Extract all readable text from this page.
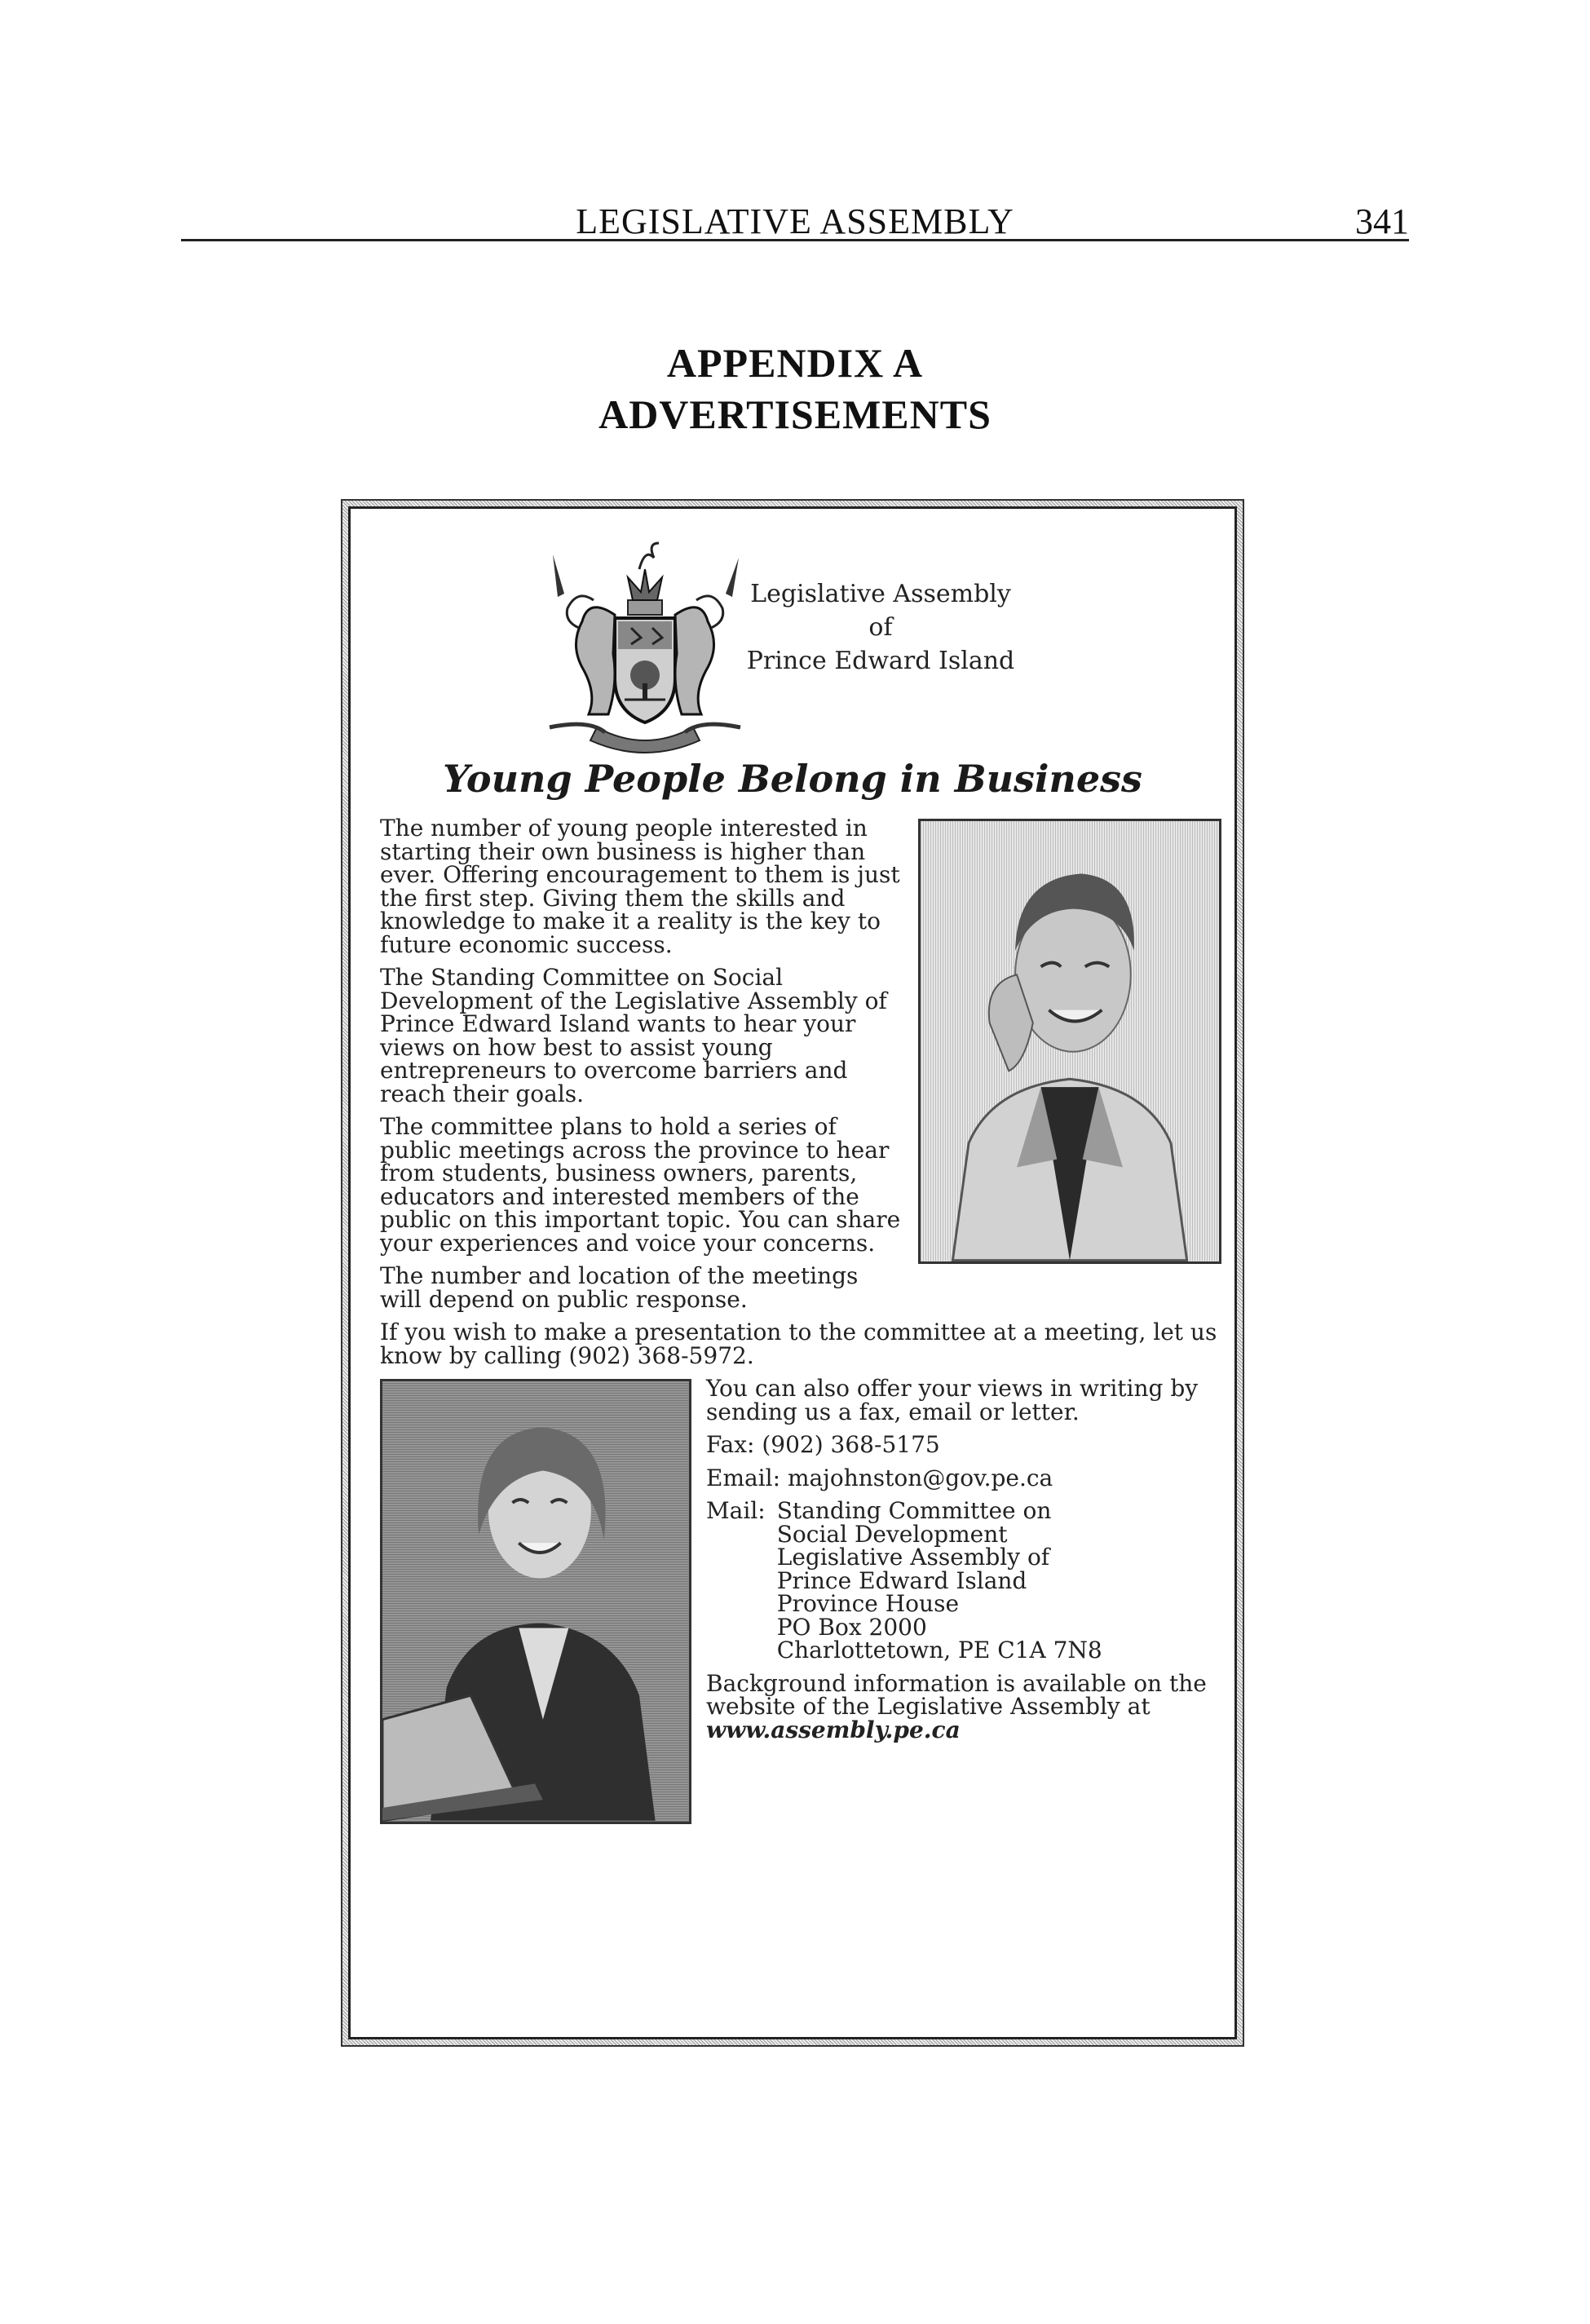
LEGISLATIVE ASSEMBLY	341
APPENDIX A
ADVERTISEMENTS
Legislative Assembly
of
Prince Edward Island
Young People Belong in Business

The number of young people interested in starting their own business is higher than ever. Offering encouragement to them is just the first step. Giving them the skills and knowledge to make it a reality is the key to future economic success.

The Standing Committee on Social Development of the Legislative Assembly of Prince Edward Island wants to hear your views on how best to assist young entrepreneurs to overcome barriers and reach their goals.

The committee plans to hold a series of public meetings across the province to hear from students, business owners, parents, educators and interested members of the public on this important topic. You can share your experiences and voice your concerns.

The number and location of the meetings will depend on public response.

If you wish to make a presentation to the committee at a meeting, let us know by calling (902) 368-5972.

You can also offer your views in writing by sending us a fax, email or letter.

Fax: (902) 368-5175

Email: majohnston@gov.pe.ca

Mail: Standing Committee on
Social Development
Legislative Assembly of
Prince Edward Island
Province House
PO Box 2000
Charlottetown, PE C1A 7N8

Background information is available on the website of the Legislative Assembly at www.assembly.pe.ca
